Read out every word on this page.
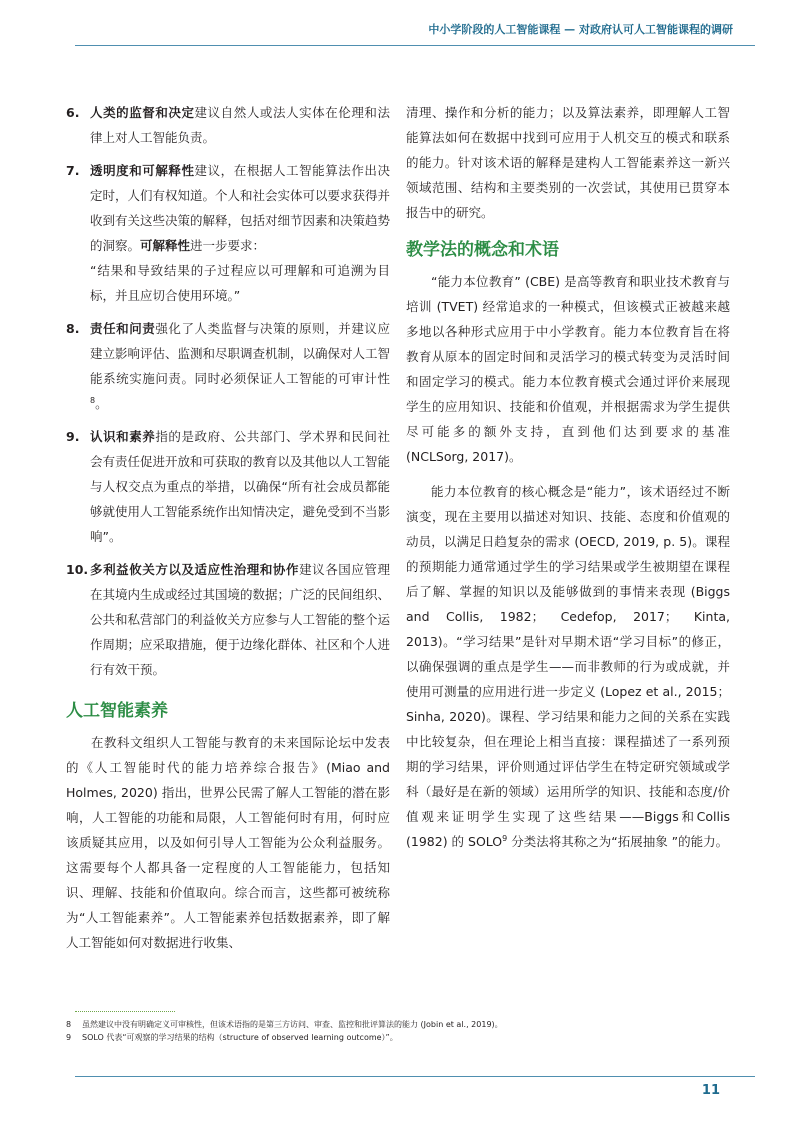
中小学阶段的人工智能课程 — 对政府认可人工智能课程的调研
6. 人类的监督和决定建议自然人或法人实体在伦理和法律上对人工智能负责。
7. 透明度和可解释性建议，在根据人工智能算法作出决定时，人们有权知道。个人和社会实体可以要求获得并收到有关这些决策的解释，包括对细节因素和决策趋势的洞察。可解释性进一步要求：
“结果和导致结果的子过程应以可理解和可追溯为目标，并且应切合使用环境。”
8. 责任和问责强化了人类监督与决策的原则，并建议应建立影响评估、监测和尽职调查机制，以确保对人工智能系统实施问责。同时必须保证人工智能的可审计性$^8$。
9. 认识和素养指的是政府、公共部门、学术界和民间社会有责任促进开放和可获取的教育以及其他以人工智能与人权交点为重点的举措，以确保“所有社会成员都能够就使用人工智能系统作出知情决定，避免受到不当影响”。
10. 多利益攸关方以及适应性治理和协作建议各国应管理在其境内生成或经过其国境的数据；广泛的民间组织、公共和私营部门的利益攸关方应参与人工智能的整个运作周期；应采取措施，便于边缘化群体、社区和个人进行有效干预。
人工智能素养

在教科文组织人工智能与教育的未来国际论坛中发表的《人工智能时代的能力培养综合报告》(Miao and Holmes, 2020) 指出，世界公民需了解人工智能的潜在影响，人工智能的功能和局限，人工智能何时有用，何时应该质疑其应用，以及如何引导人工智能为公众利益服务。这需要每个人都具备一定程度的人工智能能力，包括知识、理解、技能和价值取向。综合而言，这些都可被统称为“人工智能素养”。人工智能素养包括数据素养，即了解人工智能如何对数据进行收集、

清理、操作和分析的能力；以及算法素养，即理解人工智能算法如何在数据中找到可应用于人机交互的模式和联系的能力。针对该术语的解释是建构人工智能素养这一新兴领域范围、结构和主要类别的一次尝试，其使用已贯穿本报告中的研究。

教学法的概念和术语

“能力本位教育” (CBE) 是高等教育和职业技术教育与培训 (TVET) 经常追求的一种模式，但该模式正被越来越多地以各种形式应用于中小学教育。能力本位教育旨在将教育从原本的固定时间和灵活学习的模式转变为灵活时间和固定学习的模式。能力本位教育模式会通过评价来展现学生的应用知识、技能和价值观，并根据需求为学生提供尽可能多的额外支持，直到他们达到要求的基准 (NCLSorg, 2017)。

能力本位教育的核心概念是“能力”，该术语经过不断演变，现在主要用以描述对知识、技能、态度和价值观的动员，以满足日趋复杂的需求 (OECD, 2019, p. 5)。课程的预期能力通常通过学生的学习结果或学生被期望在课程后了解、掌握的知识以及能够做到的事情来表现 (Biggs and Collis, 1982； Cedefop, 2017； Kinta, 2013)。“学习结果”是针对早期术语“学习目标”的修正，以确保强调的重点是学生——而非教师的行为或成就，并使用可测量的应用进行进一步定义 (Lopez et al., 2015； Sinha, 2020)。课程、学习结果和能力之间的关系在实践中比较复杂，但在理论上相当直接：课程描述了一系列预期的学习结果，评价则通过评估学生在特定研究领域或学科（最好是在新的领域）运用所学的知识、技能和态度/价值观来证明学生实现了这些结果——Biggs和Collis (1982) 的 SOLO$^9$ 分类法将其称之为“拓展抽象 ”的能力。

8 虽然建议中没有明确定义可审核性，但该术语指的是第三方访问、审查、监控和批评算法的能力 (Jobin et al., 2019)。
9 SOLO 代表“可观察的学习结果的结构（structure of observed learning outcome）”。
11
